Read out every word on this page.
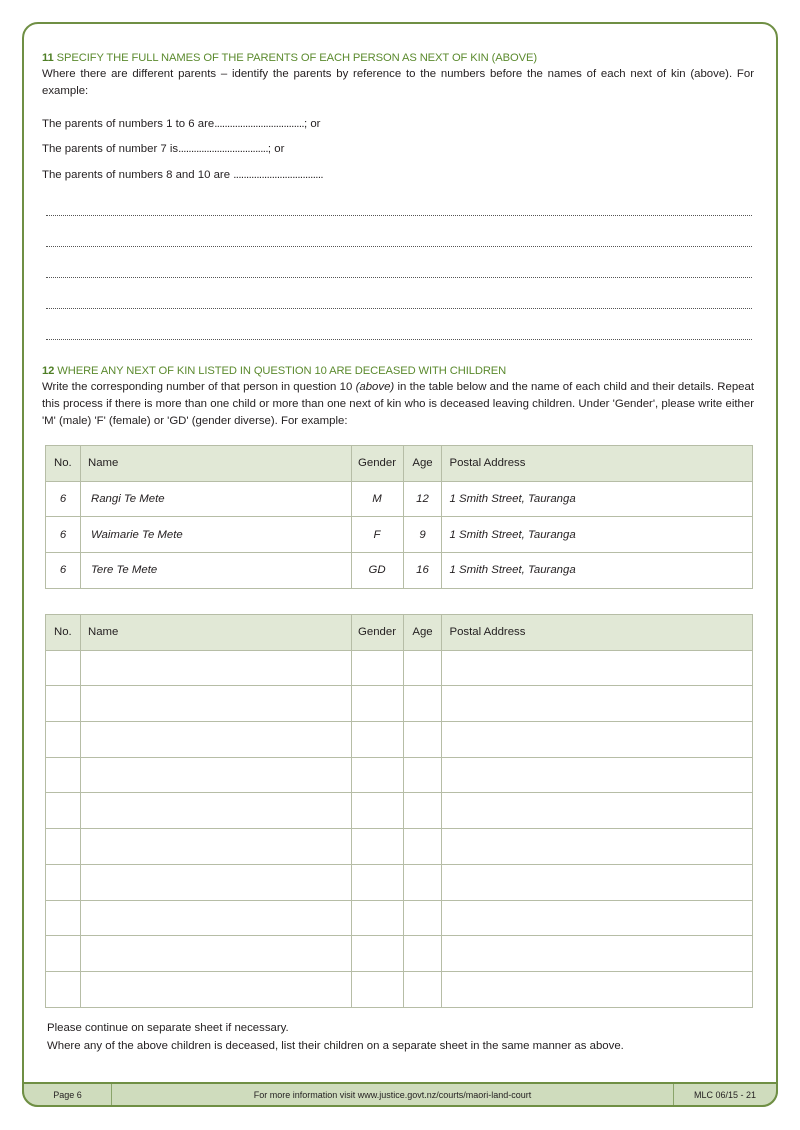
11 SPECIFY THE FULL NAMES OF THE PARENTS OF EACH PERSON AS NEXT OF KIN (ABOVE)
Where there are different parents – identify the parents by reference to the numbers before the names of each next of kin (above). For example:
The parents of numbers 1 to 6 are...................................; or
The parents of number 7 is...................................; or
The parents of numbers 8 and 10 are ...................................
12 WHERE ANY NEXT OF KIN LISTED IN QUESTION 10 ARE DECEASED WITH CHILDREN
Write the corresponding number of that person in question 10 (above) in the table below and the name of each child and their details. Repeat this process if there is more than one child or more than one next of kin who is deceased leaving children. Under 'Gender', please write either 'M' (male) 'F' (female) or 'GD' (gender diverse). For example:
No.	Name	Gender	Age	Postal Address
6	Rangi Te Mete	M	12	1 Smith Street, Tauranga
6	Waimarie Te Mete	F	9	1 Smith Street, Tauranga
6	Tere Te Mete	GD	16	1 Smith Street, Tauranga
No.	Name	Gender	Age	Postal Address

Please continue on separate sheet if necessary.
Where any of the above children is deceased, list their children on a separate sheet in the same manner as above.
Page 6	For more information visit www.justice.govt.nz/courts/maori-land-court	MLC 06/15 - 21
